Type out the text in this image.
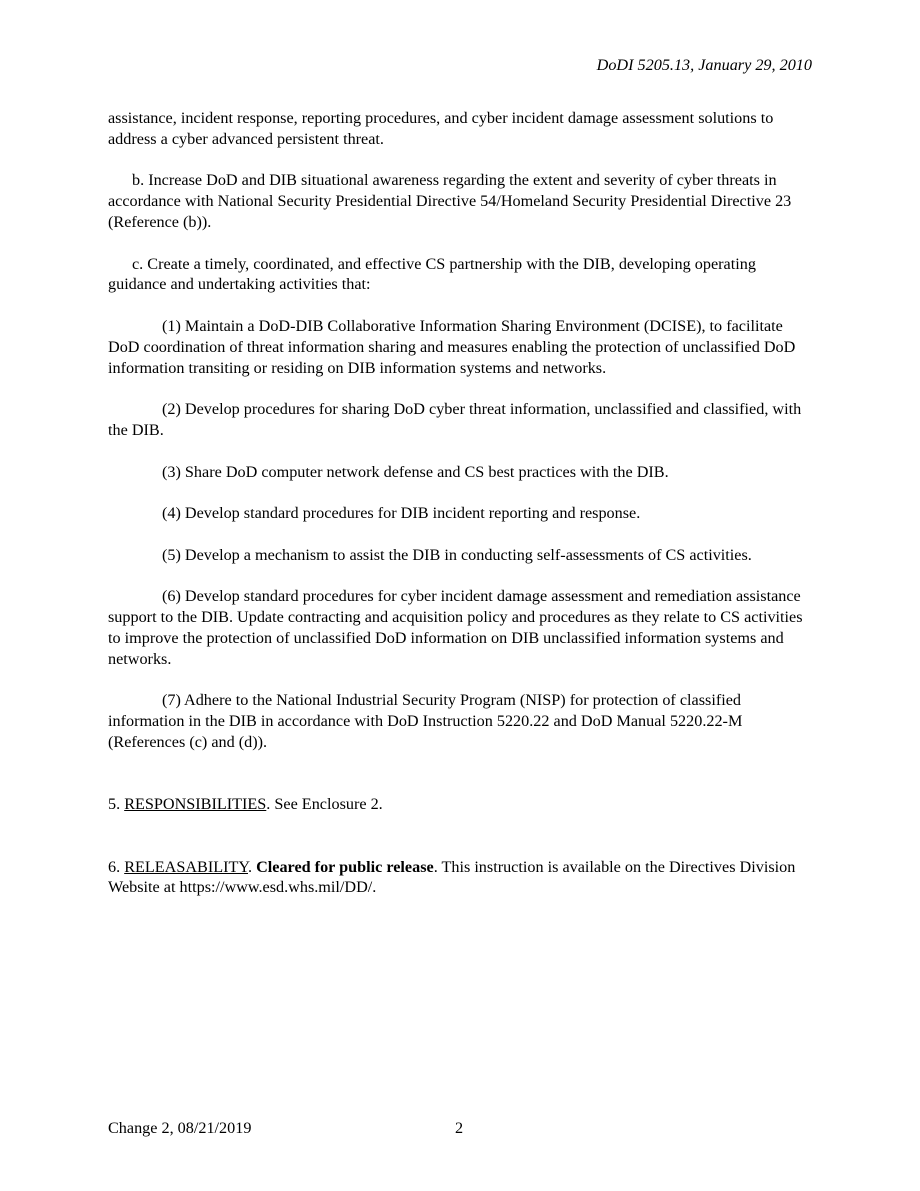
DoDI 5205.13, January 29, 2010

assistance, incident response, reporting procedures, and cyber incident damage assessment solutions to address a cyber advanced persistent threat.

b. Increase DoD and DIB situational awareness regarding the extent and severity of cyber threats in accordance with National Security Presidential Directive 54/Homeland Security Presidential Directive 23 (Reference (b)).

c. Create a timely, coordinated, and effective CS partnership with the DIB, developing operating guidance and undertaking activities that:

(1) Maintain a DoD-DIB Collaborative Information Sharing Environment (DCISE), to facilitate DoD coordination of threat information sharing and measures enabling the protection of unclassified DoD information transiting or residing on DIB information systems and networks.

(2) Develop procedures for sharing DoD cyber threat information, unclassified and classified, with the DIB.

(3) Share DoD computer network defense and CS best practices with the DIB.

(4) Develop standard procedures for DIB incident reporting and response.

(5) Develop a mechanism to assist the DIB in conducting self-assessments of CS activities.

(6) Develop standard procedures for cyber incident damage assessment and remediation assistance support to the DIB. Update contracting and acquisition policy and procedures as they relate to CS activities to improve the protection of unclassified DoD information on DIB unclassified information systems and networks.

(7) Adhere to the National Industrial Security Program (NISP) for protection of classified information in the DIB in accordance with DoD Instruction 5220.22 and DoD Manual 5220.22-M (References (c) and (d)).

5. RESPONSIBILITIES. See Enclosure 2.

6. RELEASABILITY. Cleared for public release. This instruction is available on the Directives Division Website at https://www.esd.whs.mil/DD/.

Change 2, 08/21/2019	2
